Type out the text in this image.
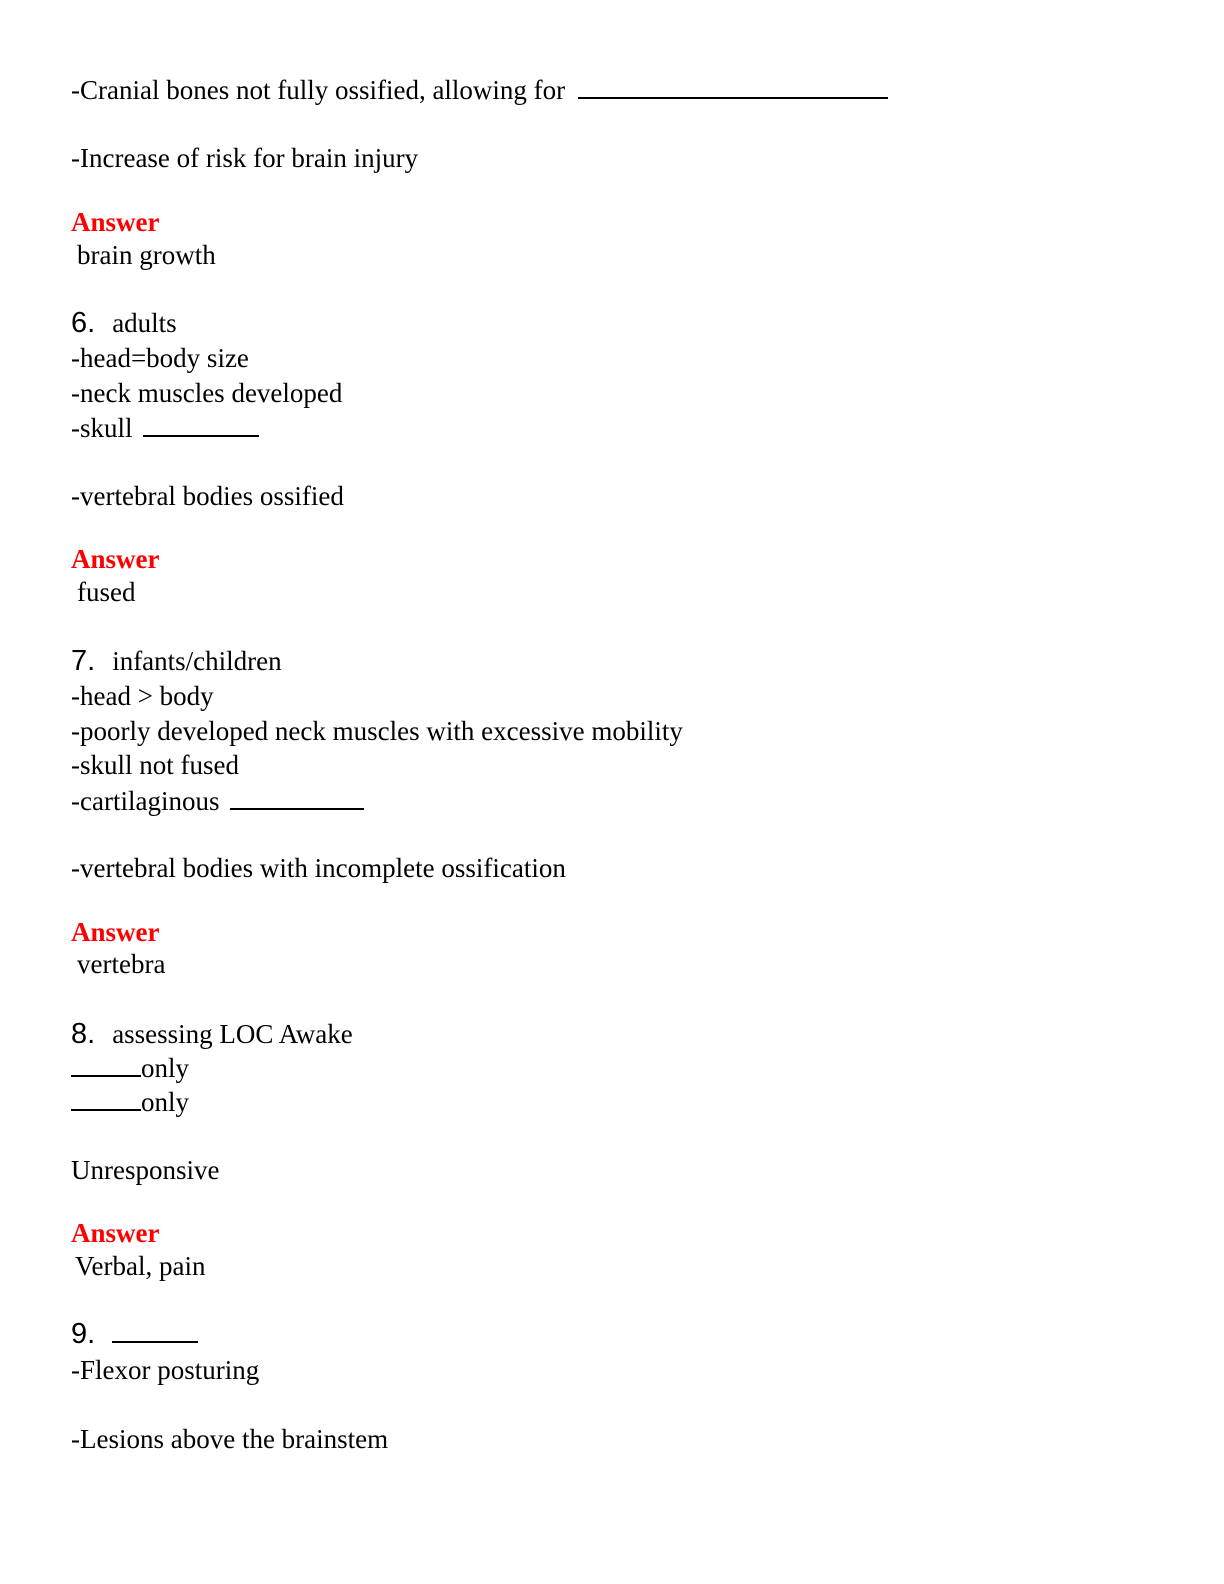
-Cranial bones not fully ossified, allowing for
-Increase of risk for brain injury
Answer
brain growth
6. adults
-head=body size
-neck muscles developed
-skull
-vertebral bodies ossified
Answer
fused
7. infants/children
-head > body
-poorly developed neck muscles with excessive mobility
-skull not fused
-cartilaginous
-vertebral bodies with incomplete ossification
Answer
vertebra
8. assessing LOC Awake
only
only
Unresponsive
Answer
Verbal, pain
9.
-Flexor posturing
-Lesions above the brainstem
